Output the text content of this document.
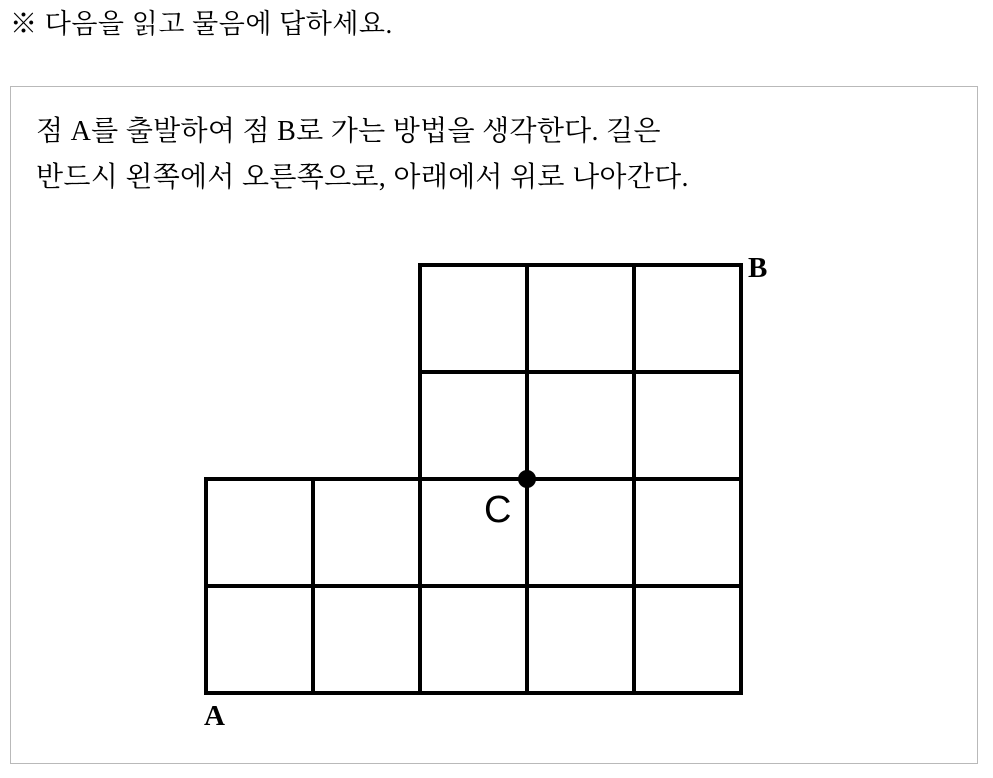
※ 다음을 읽고 물음에 답하세요.
점 A를 출발하여 점 B로 가는 방법을 생각한다. 길은
반드시 왼쪽에서 오른쪽으로, 아래에서 위로 나아간다.
B
A
C
